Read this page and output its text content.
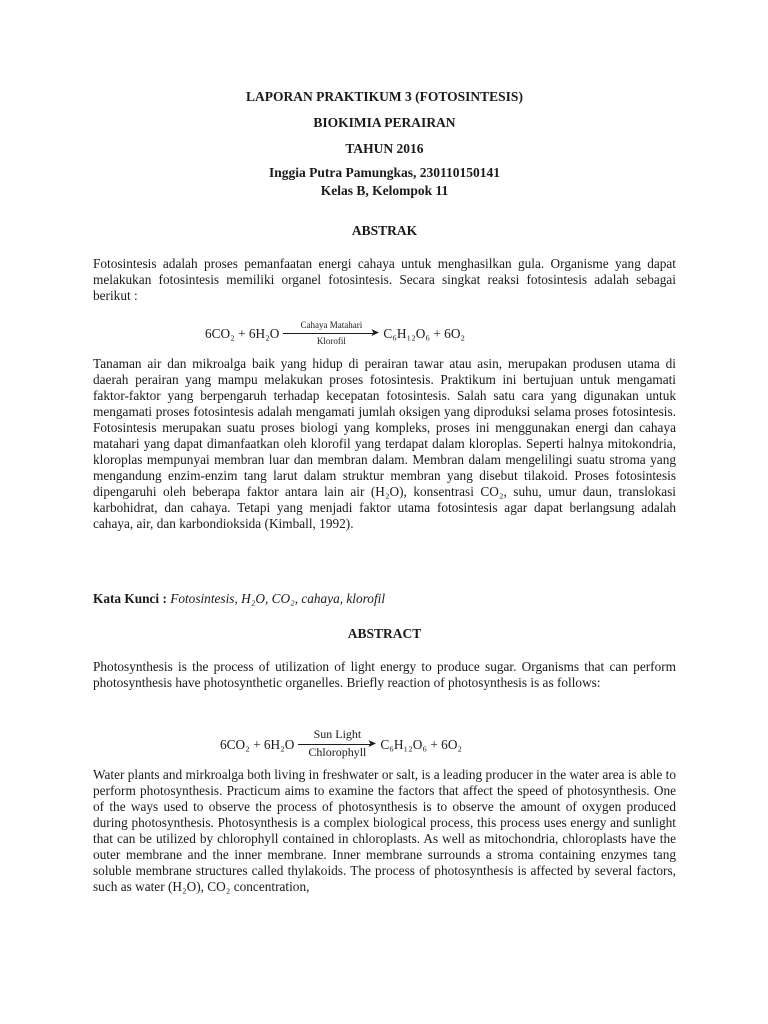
LAPORAN PRAKTIKUM 3 (FOTOSINTESIS)

BIOKIMIA PERAIRAN

TAHUN 2016

Inggia Putra Pamungkas, 230110150141

Kelas B, Kelompok 11

ABSTRAK

Fotosintesis adalah proses pemanfaatan energi cahaya untuk menghasilkan gula. Organisme yang dapat melakukan fotosintesis memiliki organel fotosintesis. Secara singkat reaksi fotosintesis adalah sebagai berikut :

6CO₂ + 6H₂O
Cahaya Matahari
➤
Klorofil	C₆H₁₂O₆ + 6O₂

Tanaman air dan mikroalga baik yang hidup di perairan tawar atau asin, merupakan produsen utama di daerah perairan yang mampu melakukan proses fotosintesis. Praktikum ini bertujuan untuk mengamati faktor-faktor yang berpengaruh terhadap kecepatan fotosintesis. Salah satu cara yang digunakan untuk mengamati proses fotosintesis adalah mengamati jumlah oksigen yang diproduksi selama proses fotosintesis. Fotosintesis merupakan suatu proses biologi yang kompleks, proses ini menggunakan energi dan cahaya matahari yang dapat dimanfaatkan oleh klorofil yang terdapat dalam kloroplas. Seperti halnya mitokondria, kloroplas mempunyai membran luar dan membran dalam. Membran dalam mengelilingi suatu stroma yang mengandung enzim-enzim tang larut dalam struktur membran yang disebut tilakoid. Proses fotosintesis dipengaruhi oleh beberapa faktor antara lain air (H₂O), konsentrasi CO₂, suhu, umur daun, translokasi karbohidrat, dan cahaya. Tetapi yang menjadi faktor utama fotosintesis agar dapat berlangsung adalah cahaya, air, dan karbondioksida (Kimball, 1992).

Kata Kunci : Fotosintesis, H₂O, CO₂, cahaya, klorofil

ABSTRACT

Photosynthesis is the process of utilization of light energy to produce sugar. Organisms that can perform photosynthesis have photosynthetic organelles. Briefly reaction of photosynthesis is as follows:

6CO₂ + 6H₂O
Sun Light
➤
Chlorophyll	C₆H₁₂O₆ + 6O₂

Water plants and mirkroalga both living in freshwater or salt, is a leading producer in the water area is able to perform photosynthesis. Practicum aims to examine the factors that affect the speed of photosynthesis. One of the ways used to observe the process of photosynthesis is to observe the amount of oxygen produced during photosynthesis. Photosynthesis is a complex biological process, this process uses energy and sunlight that can be utilized by chlorophyll contained in chloroplasts. As well as mitochondria, chloroplasts have the outer membrane and the inner membrane. Inner membrane surrounds a stroma containing enzymes tang soluble membrane structures called thylakoids. The process of photosynthesis is affected by several factors, such as water (H₂O), CO₂ concentration,
